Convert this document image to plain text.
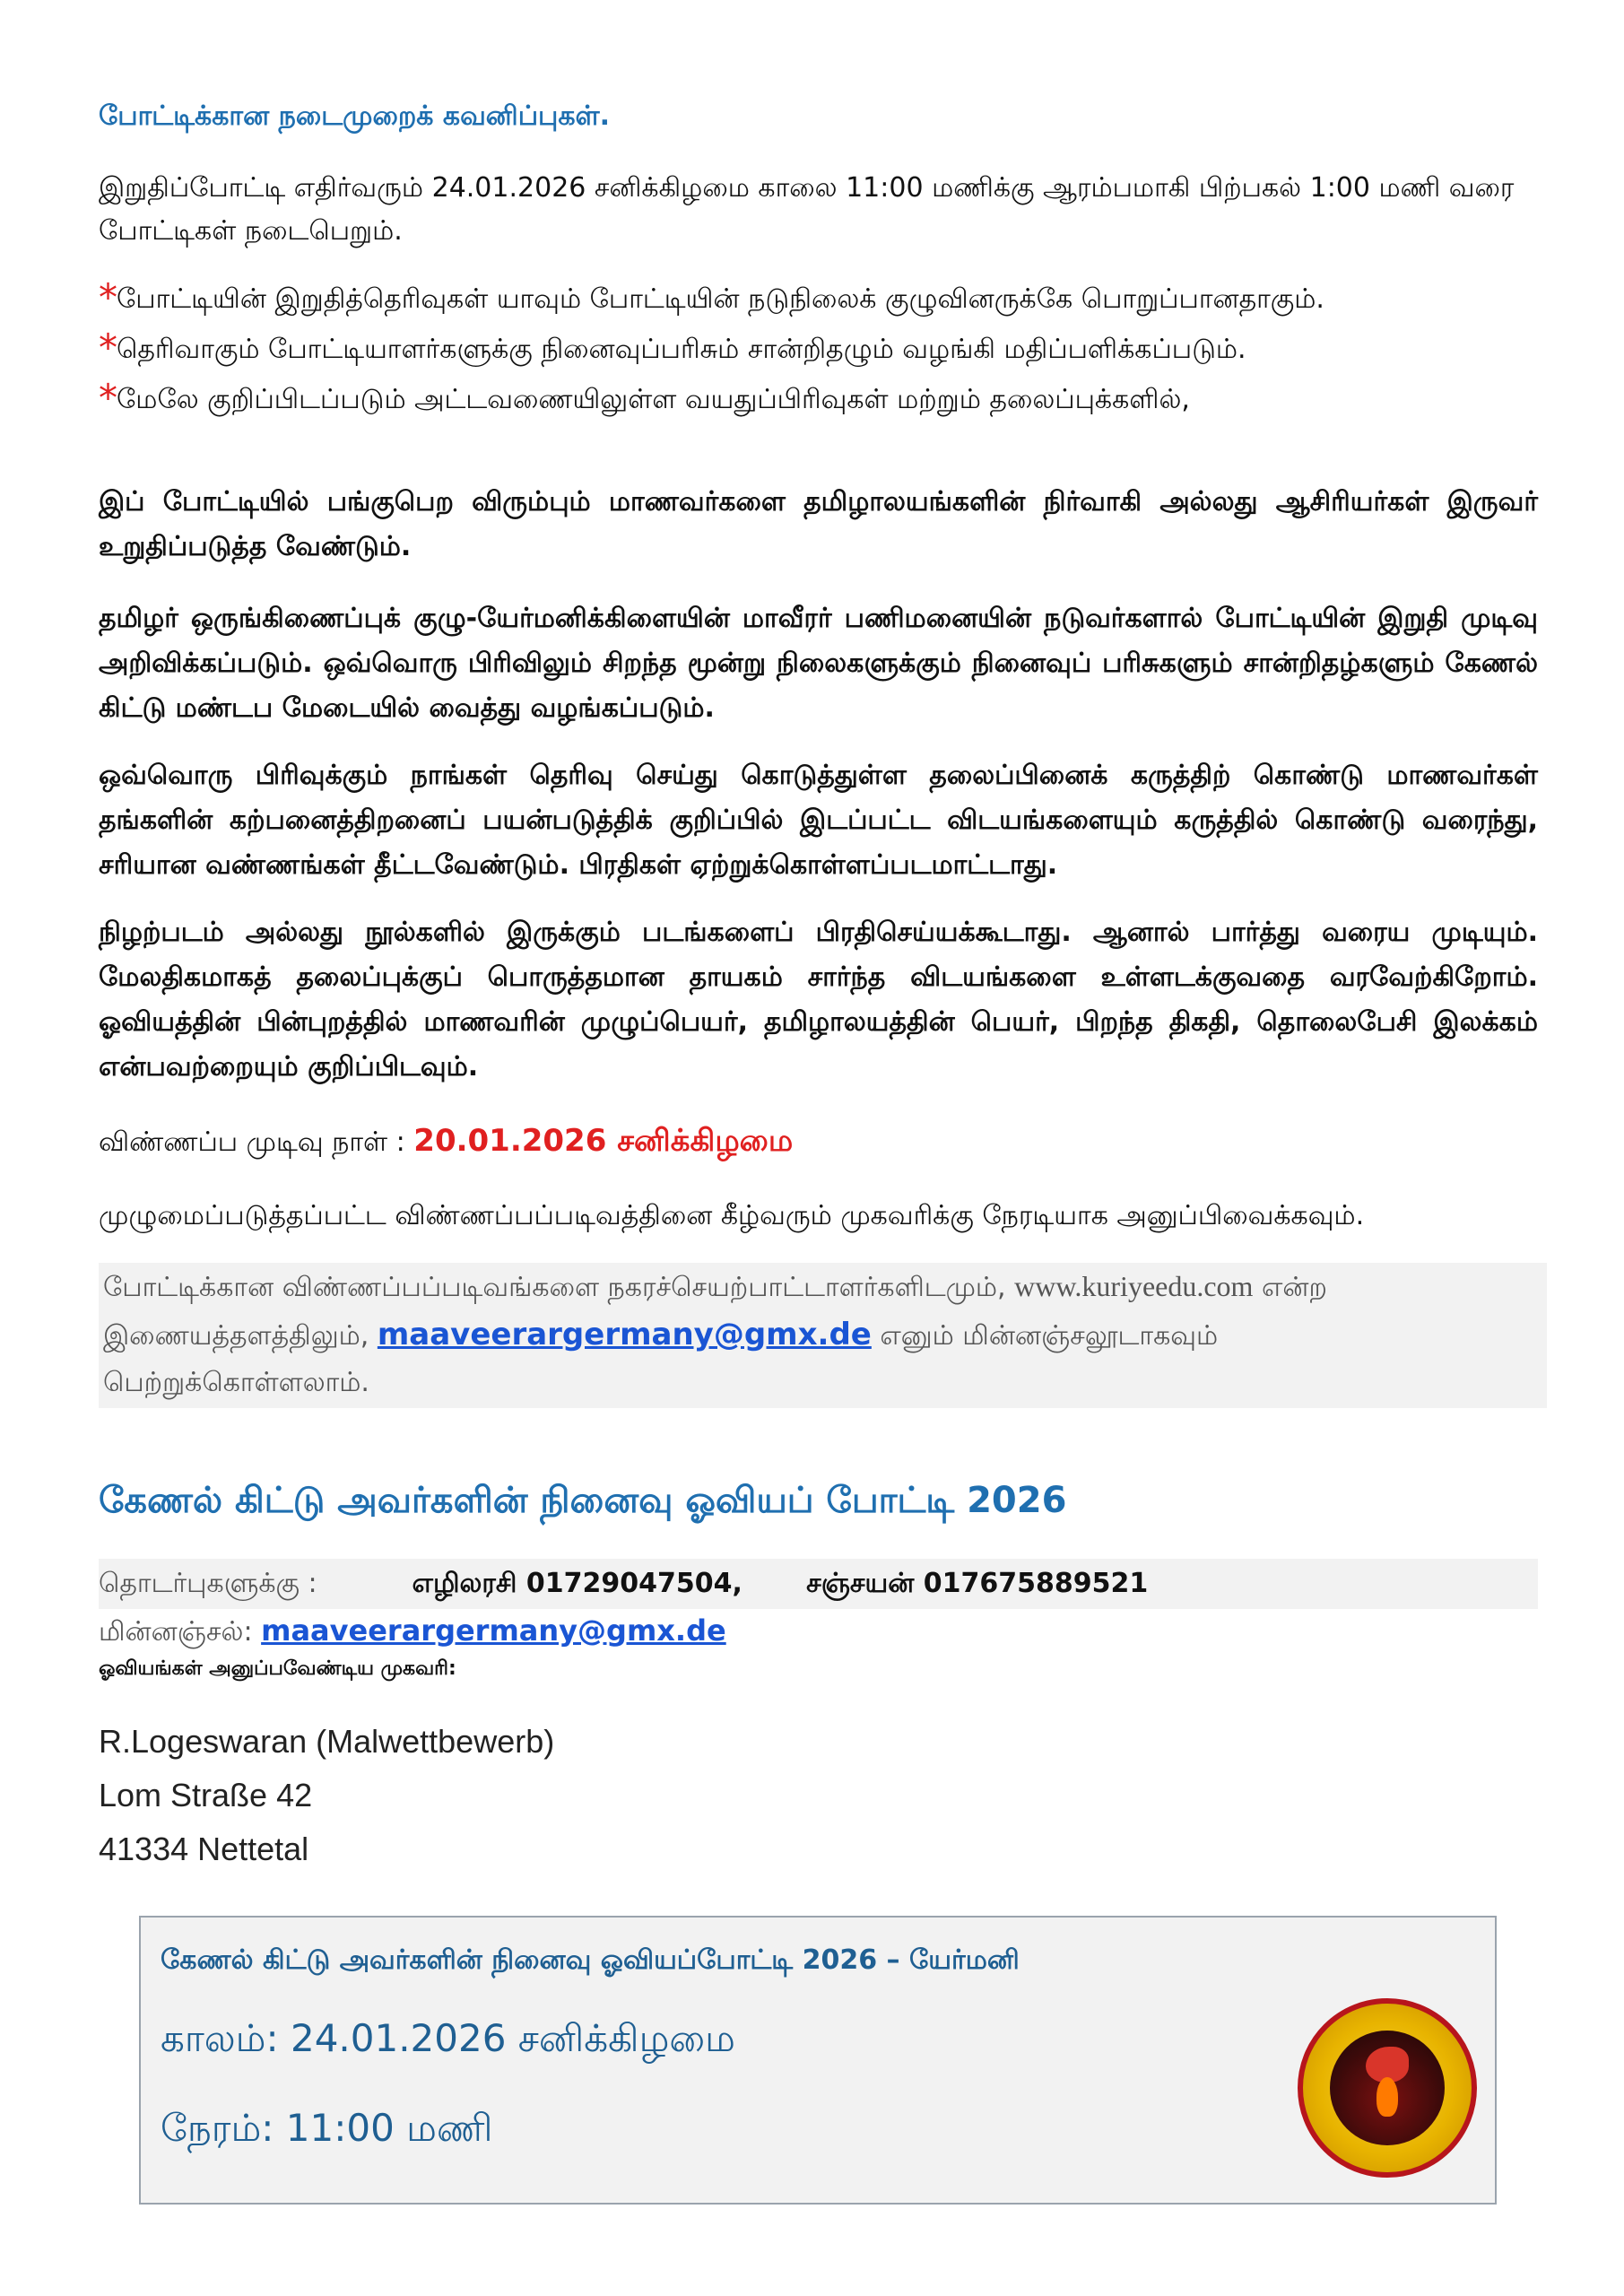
போட்டிக்கான நடைமுறைக் கவனிப்புகள்.

இறுதிப்போட்டி எதிர்வரும் 24.01.2026 சனிக்கிழமை காலை 11:00 மணிக்கு ஆரம்பமாகி பிற்பகல் 1:00 மணி வரை போட்டிகள் நடைபெறும்.

* போட்டியின் இறுதித்தெரிவுகள் யாவும் போட்டியின் நடுநிலைக் குழுவினருக்கே பொறுப்பானதாகும்.
* தெரிவாகும் போட்டியாளர்களுக்கு நினைவுப்பரிசும் சான்றிதழும் வழங்கி மதிப்பளிக்கப்படும்.
* மேலே குறிப்பிடப்படும் அட்டவணையிலுள்ள வயதுப்பிரிவுகள் மற்றும் தலைப்புக்களில்,

இப் போட்டியில் பங்குபெற விரும்பும் மாணவர்களை தமிழாலயங்களின் நிர்வாகி அல்லது ஆசிரியர்கள் இருவர் உறுதிப்படுத்த வேண்டும்.

தமிழர் ஒருங்கிணைப்புக் குழு-யேர்மனிக்கிளையின் மாவீரர் பணிமனையின் நடுவர்களால் போட்டியின் இறுதி முடிவு அறிவிக்கப்படும். ஒவ்வொரு பிரிவிலும் சிறந்த மூன்று நிலைகளுக்கும் நினைவுப் பரிசுகளும் சான்றிதழ்களும் கேணல் கிட்டு மண்டப மேடையில் வைத்து வழங்கப்படும்.

ஒவ்வொரு பிரிவுக்கும் நாங்கள் தெரிவு செய்து கொடுத்துள்ள தலைப்பினைக் கருத்திற் கொண்டு மாணவர்கள் தங்களின் கற்பனைத்திறனைப் பயன்படுத்திக் குறிப்பில் இடப்பட்ட விடயங்களையும் கருத்தில் கொண்டு வரைந்து, சரியான வண்ணங்கள் தீட்டவேண்டும். பிரதிகள் ஏற்றுக்கொள்ளப்படமாட்டாது.

நிழற்படம் அல்லது நூல்களில் இருக்கும் படங்களைப் பிரதிசெய்யக்கூடாது. ஆனால் பார்த்து வரைய முடியும். மேலதிகமாகத் தலைப்புக்குப் பொருத்தமான தாயகம் சார்ந்த விடயங்களை உள்ளடக்குவதை வரவேற்கிறோம். ஓவியத்தின் பின்புறத்தில் மாணவரின் முழுப்பெயர், தமிழாலயத்தின் பெயர், பிறந்த திகதி, தொலைபேசி இலக்கம் என்பவற்றையும் குறிப்பிடவும்.

விண்ணப்ப முடிவு நாள் : 20.01.2026 சனிக்கிழமை

முழுமைப்படுத்தப்பட்ட விண்ணப்பப்படிவத்தினை கீழ்வரும் முகவரிக்கு நேரடியாக அனுப்பிவைக்கவும்.

போட்டிக்கான விண்ணப்பப்படிவங்களை நகரச்செயற்பாட்டாளர்களிடமும், www.kuriyeedu.com என்ற
இணையத்தளத்திலும், maaveerargermany@gmx.de எனும் மின்னஞ்சலூடாகவும்
பெற்றுக்கொள்ளலாம்.
கேணல் கிட்டு அவர்களின் நினைவு ஓவியப் போட்டி 2026
தொடர்புகளுக்கு :	எழிலரசி 01729047504, சஞ்சயன் 017675889521
மின்னஞ்சல்: maaveerargermany@gmx.de
ஓவியங்கள் அனுப்பவேண்டிய முகவரி:
R.Logeswaran (Malwettbewerb)
Lom Straße 42
41334 Nettetal
கேணல் கிட்டு அவர்களின் நினைவு ஓவியப்போட்டி 2026 – யேர்மனி
காலம்: 24.01.2026 சனிக்கிழமை
நேரம்: 11:00 மணி
